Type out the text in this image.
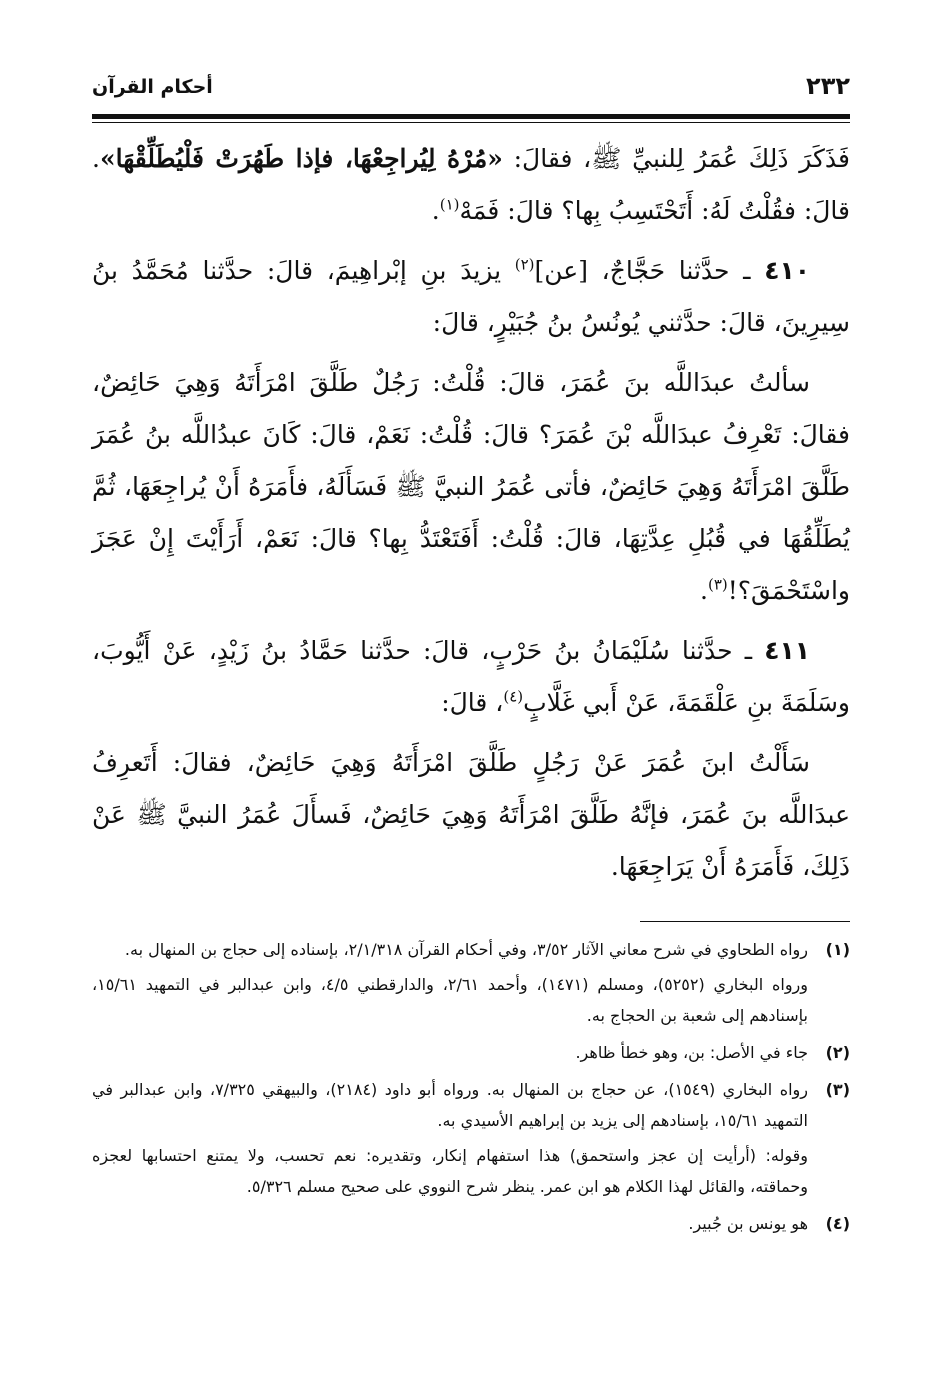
٢٣٢
أحكام القرآن

فَذَكَرَ ذَلِكَ عُمَرُ لِلنبيِّ ﷺ، فقالَ: «مُرْهُ لِيُراجِعْهَا، فإذا طَهُرَتْ فَلْيُطَلِّقْهَا». قالَ: فقُلْتُ لَهُ: أَتَحْتَسِبُ بِها؟ قالَ: فَمَهْ$^{(١)}$.

٤١٠ ـ حدَّثنا حَجَّاجٌ، [عن]$^{(٢)}$ يزيدَ بنِ إبْراهِيمَ، قالَ: حدَّثنا مُحَمَّدُ بنُ سِيرِينَ، قالَ: حدَّثني يُونُسُ بنُ جُبَيْرٍ، قالَ:

سألتُ عبدَاللَّه بنَ عُمَرَ، قالَ: قُلْتُ: رَجُلٌ طَلَّقَ امْرَأَتَهُ وَهِيَ حَائِضٌ، فقالَ: تَعْرِفُ عبدَاللَّه بْنَ عُمَرَ؟ قالَ: قُلْتُ: نَعَمْ، قالَ: كَانَ عبدُاللَّه بنُ عُمَرَ طَلَّقَ امْرَأَتَهُ وَهِيَ حَائِضٌ، فأتى عُمَرُ النبيَّ ﷺ فَسَأَلَهُ، فأَمَرَهُ أَنْ يُراجِعَهَا، ثُمَّ يُطَلِّقُهَا في قُبُلِ عِدَّتِهَا، قالَ: قُلْتُ: أَفَتَعْتَدُّ بِها؟ قالَ: نَعَمْ، أَرَأَيْتَ إِنْ عَجَزَ واسْتَحْمَقَ؟!$^{(٣)}$.

٤١١ ـ حدَّثنا سُلَيْمَانُ بنُ حَرْبٍ، قالَ: حدَّثنا حَمَّادُ بنُ زَيْدٍ، عَنْ أَيُّوبَ، وسَلَمَةَ بنِ عَلْقَمَةَ، عَنْ أَبي غَلَّابٍ$^{(٤)}$، قالَ:

سَأَلْتُ ابنَ عُمَرَ عَنْ رَجُلٍ طَلَّقَ امْرَأَتَهُ وَهِيَ حَائِضٌ، فقالَ: أَتَعرِفُ عبدَاللَّه بنَ عُمَرَ، فإنَّهُ طَلَّقَ امْرَأَتَهُ وَهِيَ حَائِضٌ، فَسأَلَ عُمَرُ النبيَّ ﷺ عَنْ ذَلِكَ، فَأَمَرَهُ أَنْ يَرَاجِعَهَا.

(١)

رواه الطحاوي في شرح معاني الآثار ٣/٥٢، وفي أحكام القرآن ٢/١/٣١٨، بإسناده إلى حجاج بن المنهال به.

ورواه البخاري (٥٢٥٢)، ومسلم (١٤٧١)، وأحمد ٢/٦١، والدارقطني ٤/٥، وابن عبدالبر في التمهيد ١٥/٦١، بإسنادهم إلى شعبة بن الحجاج به.

(٢)

جاء في الأصل: بن، وهو خطأ ظاهر.

(٣)

رواه البخاري (١٥٤٩)، عن حجاج بن المنهال به. ورواه أبو داود (٢١٨٤)، والبيهقي ٧/٣٢٥، وابن عبدالبر في التمهيد ١٥/٦١، بإسنادهم إلى يزيد بن إبراهيم الأسيدي به.

وقوله: (أرأيت إن عجز واستحمق) هذا استفهام إنكار، وتقديره: نعم تحسب، ولا يمتنع احتسابها لعجزه وحماقته، والقائل لهذا الكلام هو ابن عمر. ينظر شرح النووي على صحيح مسلم ٥/٣٢٦.

(٤)

هو يونس بن جُبير.
